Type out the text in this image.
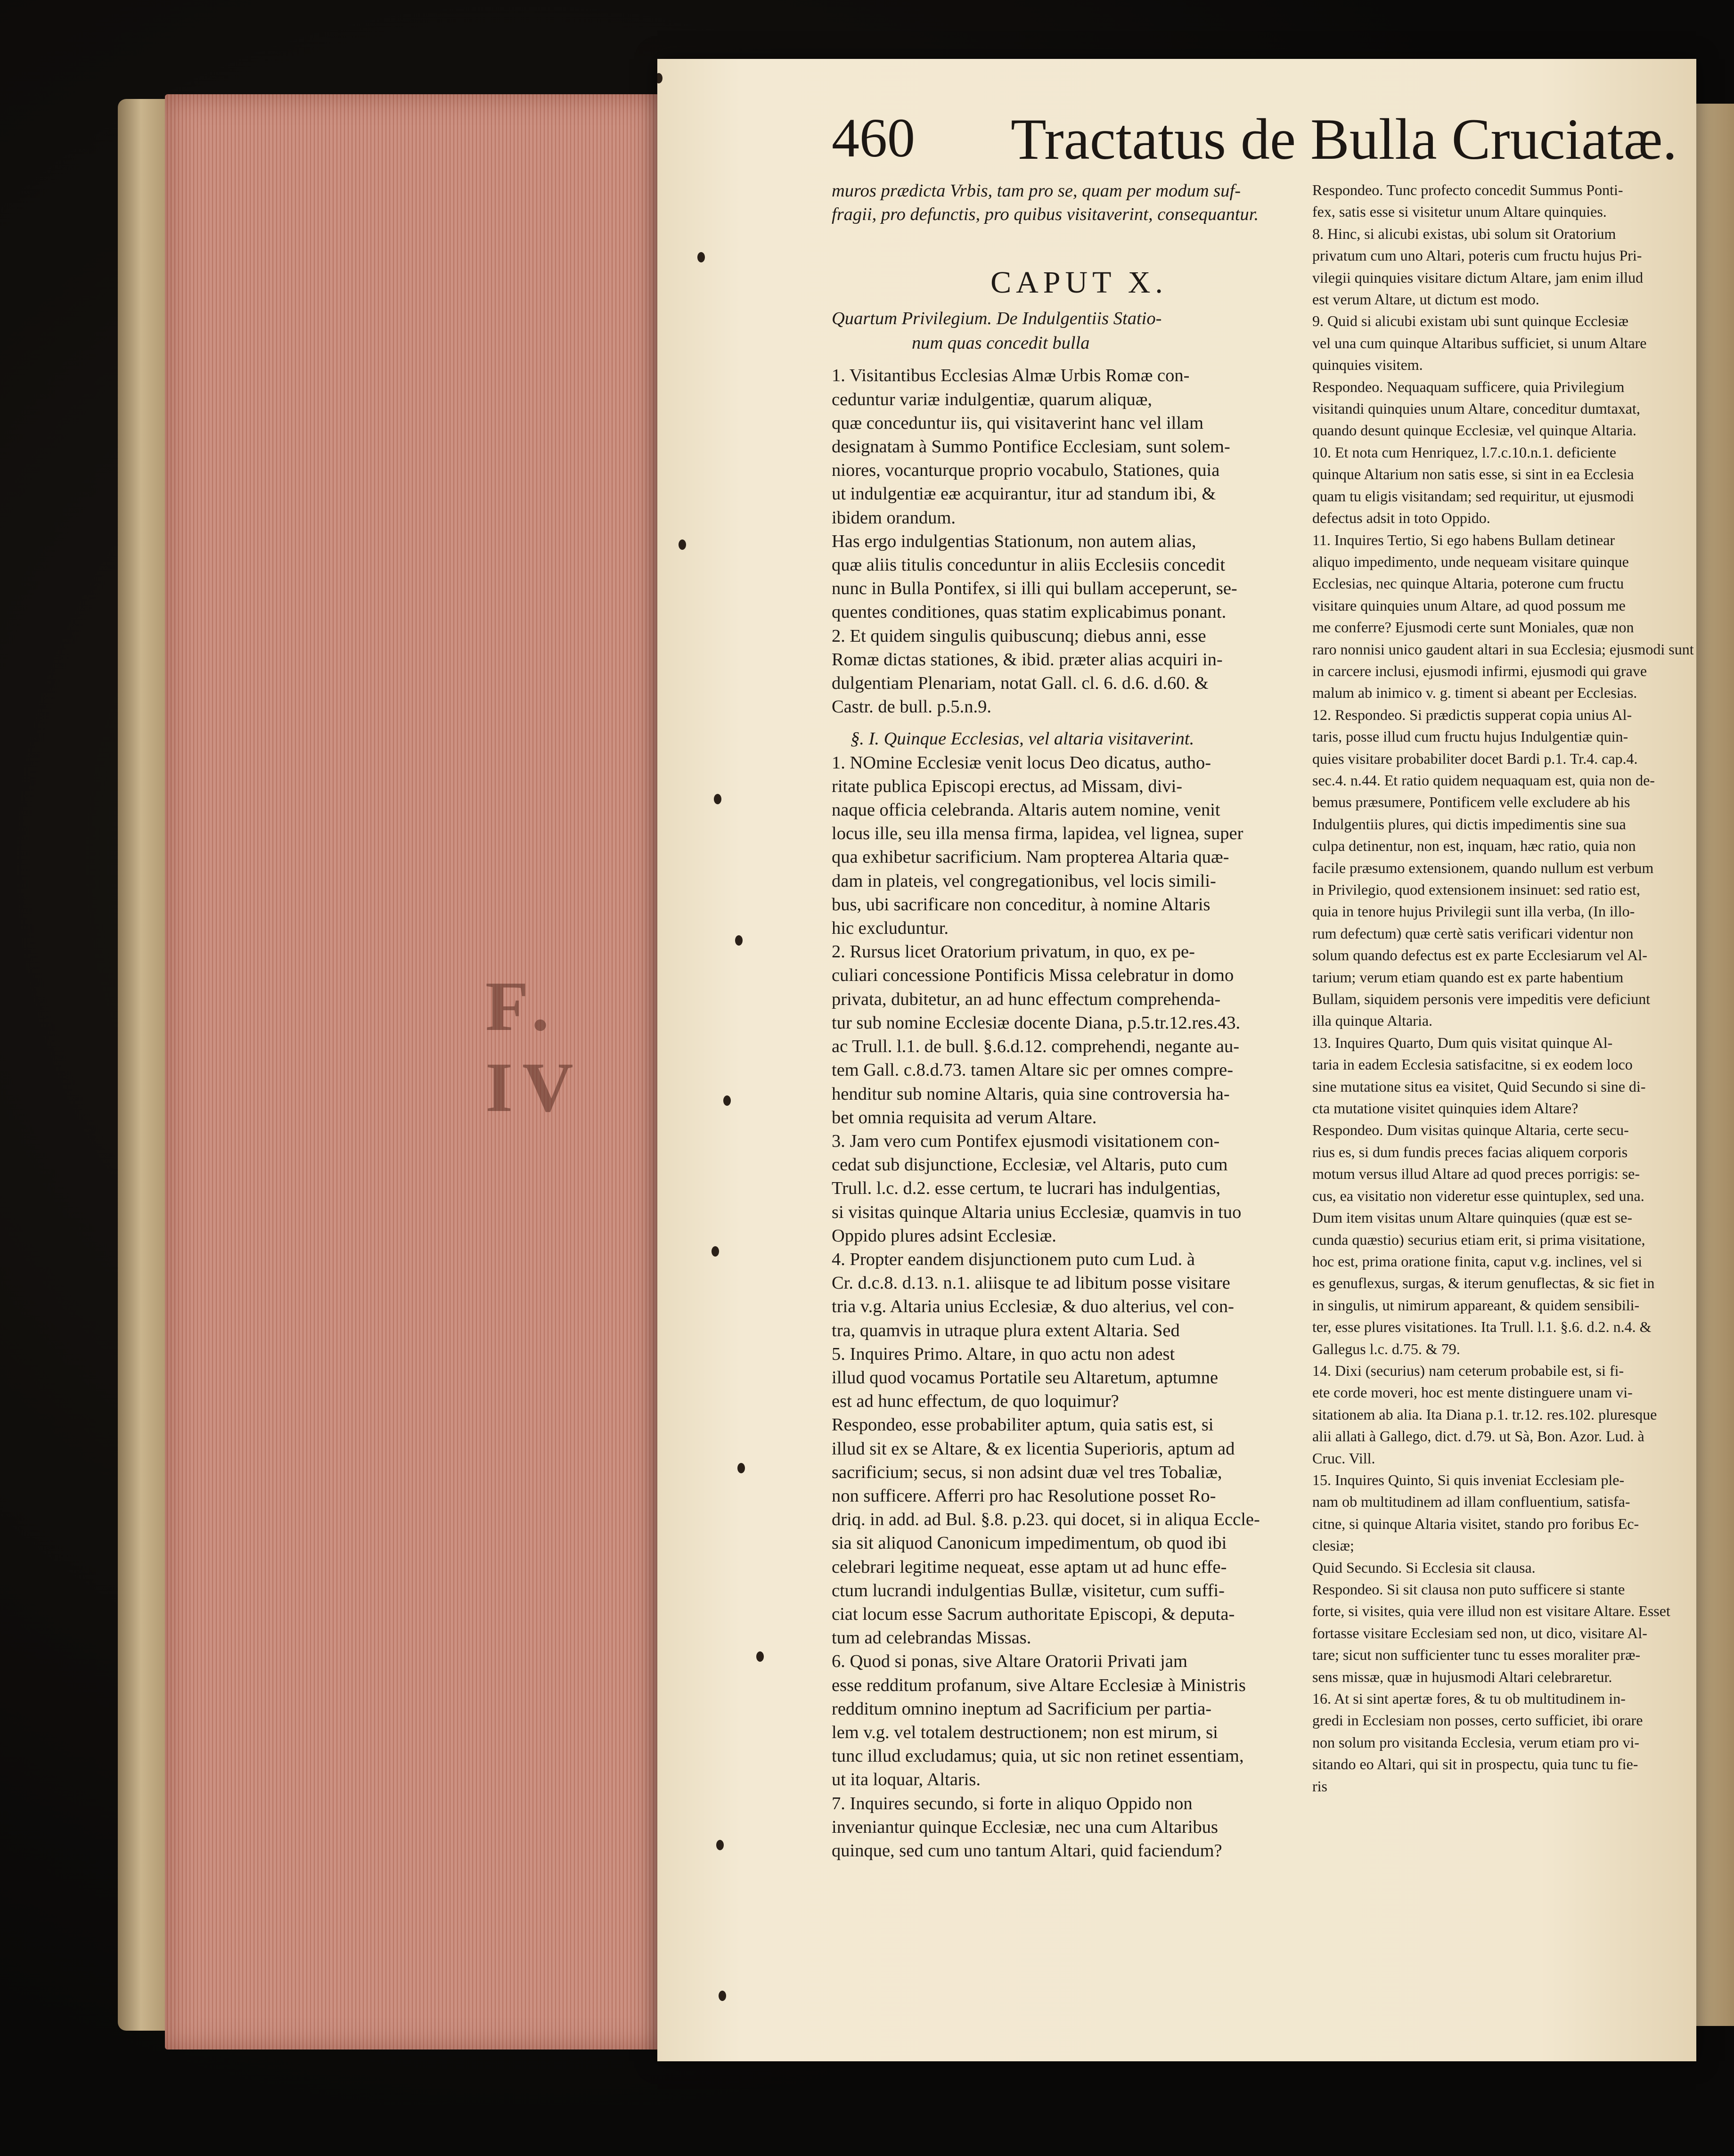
F. IV
460 Tractatus de Bulla Cruciatæ.
muros prædicta Vrbis, tam pro se, quam per modum suf-
fragii, pro defunctis, pro quibus visitaverint, consequantur.
CAPUT X.
Quartum Privilegium. De Indulgentiis Statio-
num quas concedit bulla
1. Visitantibus Ecclesias Almæ Urbis Romæ con-
ceduntur variæ indulgentiæ, quarum aliquæ,
quæ conceduntur iis, qui visitaverint hanc vel illam
designatam à Summo Pontifice Ecclesiam, sunt solem-
niores, vocanturque proprio vocabulo, Stationes, quia
ut indulgentiæ eæ acquirantur, itur ad standum ibi, &
ibidem orandum.
Has ergo indulgentias Stationum, non autem alias,
quæ aliis titulis conceduntur in aliis Ecclesiis concedit
nunc in Bulla Pontifex, si illi qui bullam acceperunt, se-
quentes conditiones, quas statim explicabimus ponant.
2. Et quidem singulis quibuscunq; diebus anni, esse
Romæ dictas stationes, & ibid. præter alias acquiri in-
dulgentiam Plenariam, notat Gall. cl. 6. d.6. d.60. &
Castr. de bull. p.5.n.9.
§. I. Quinque Ecclesias, vel altaria visitaverint.
1. NOmine Ecclesiæ venit locus Deo dicatus, autho-
ritate publica Episcopi erectus, ad Missam, divi-
naque officia celebranda. Altaris autem nomine, venit
locus ille, seu illa mensa firma, lapidea, vel lignea, super
qua exhibetur sacrificium. Nam propterea Altaria quæ-
dam in plateis, vel congregationibus, vel locis simili-
bus, ubi sacrificare non conceditur, à nomine Altaris
hic excluduntur.
2. Rursus licet Oratorium privatum, in quo, ex pe-
culiari concessione Pontificis Missa celebratur in domo
privata, dubitetur, an ad hunc effectum comprehenda-
tur sub nomine Ecclesiæ docente Diana, p.5.tr.12.res.43.
ac Trull. l.1. de bull. §.6.d.12. comprehendi, negante au-
tem Gall. c.8.d.73. tamen Altare sic per omnes compre-
henditur sub nomine Altaris, quia sine controversia ha-
bet omnia requisita ad verum Altare.
3. Jam vero cum Pontifex ejusmodi visitationem con-
cedat sub disjunctione, Ecclesiæ, vel Altaris, puto cum
Trull. l.c. d.2. esse certum, te lucrari has indulgentias,
si visitas quinque Altaria unius Ecclesiæ, quamvis in tuo
Oppido plures adsint Ecclesiæ.
4. Propter eandem disjunctionem puto cum Lud. à
Cr. d.c.8. d.13. n.1. aliisque te ad libitum posse visitare
tria v.g. Altaria unius Ecclesiæ, & duo alterius, vel con-
tra, quamvis in utraque plura extent Altaria. Sed
5. Inquires Primo. Altare, in quo actu non adest
illud quod vocamus Portatile seu Altaretum, aptumne
est ad hunc effectum, de quo loquimur?
Respondeo, esse probabiliter aptum, quia satis est, si
illud sit ex se Altare, & ex licentia Superioris, aptum ad
sacrificium; secus, si non adsint duæ vel tres Tobaliæ,
non sufficere. Afferri pro hac Resolutione posset Ro-
driq. in add. ad Bul. §.8. p.23. qui docet, si in aliqua Eccle-
sia sit aliquod Canonicum impedimentum, ob quod ibi
celebrari legitime nequeat, esse aptam ut ad hunc effe-
ctum lucrandi indulgentias Bullæ, visitetur, cum suffi-
ciat locum esse Sacrum authoritate Episcopi, & deputa-
tum ad celebrandas Missas.
6. Quod si ponas, sive Altare Oratorii Privati jam
esse redditum profanum, sive Altare Ecclesiæ à Ministris
redditum omnino ineptum ad Sacrificium per partia-
lem v.g. vel totalem destructionem; non est mirum, si
tunc illud excludamus; quia, ut sic non retinet essentiam,
ut ita loquar, Altaris.
7. Inquires secundo, si forte in aliquo Oppido non
inveniantur quinque Ecclesiæ, nec una cum Altaribus
quinque, sed cum uno tantum Altari, quid faciendum?
Respondeo. Tunc profecto concedit Summus Ponti-
fex, satis esse si visitetur unum Altare quinquies.
8. Hinc, si alicubi existas, ubi solum sit Oratorium
privatum cum uno Altari, poteris cum fructu hujus Pri-
vilegii quinquies visitare dictum Altare, jam enim illud
est verum Altare, ut dictum est modo.
9. Quid si alicubi existam ubi sunt quinque Ecclesiæ
vel una cum quinque Altaribus sufficiet, si unum Altare
quinquies visitem.
Respondeo. Nequaquam sufficere, quia Privilegium
visitandi quinquies unum Altare, conceditur dumtaxat,
quando desunt quinque Ecclesiæ, vel quinque Altaria.
10. Et nota cum Henriquez, l.7.c.10.n.1. deficiente
quinque Altarium non satis esse, si sint in ea Ecclesia
quam tu eligis visitandam; sed requiritur, ut ejusmodi
defectus adsit in toto Oppido.
11. Inquires Tertio, Si ego habens Bullam detinear
aliquo impedimento, unde nequeam visitare quinque
Ecclesias, nec quinque Altaria, poterone cum fructu
visitare quinquies unum Altare, ad quod possum me
me conferre? Ejusmodi certe sunt Moniales, quæ non
raro nonnisi unico gaudent altari in sua Ecclesia; ejusmodi sunt
in carcere inclusi, ejusmodi infirmi, ejusmodi qui grave
malum ab inimico v. g. timent si abeant per Ecclesias.
12. Respondeo. Si prædictis supperat copia unius Al-
taris, posse illud cum fructu hujus Indulgentiæ quin-
quies visitare probabiliter docet Bardi p.1. Tr.4. cap.4.
sec.4. n.44. Et ratio quidem nequaquam est, quia non de-
bemus præsumere, Pontificem velle excludere ab his
Indulgentiis plures, qui dictis impedimentis sine sua
culpa detinentur, non est, inquam, hæc ratio, quia non
facile præsumo extensionem, quando nullum est verbum
in Privilegio, quod extensionem insinuet: sed ratio est,
quia in tenore hujus Privilegii sunt illa verba, (In illo-
rum defectum) quæ certè satis verificari videntur non
solum quando defectus est ex parte Ecclesiarum vel Al-
tarium; verum etiam quando est ex parte habentium
Bullam, siquidem personis vere impeditis vere deficiunt
illa quinque Altaria.
13. Inquires Quarto, Dum quis visitat quinque Al-
taria in eadem Ecclesia satisfacitne, si ex eodem loco
sine mutatione situs ea visitet, Quid Secundo si sine di-
cta mutatione visitet quinquies idem Altare?
Respondeo. Dum visitas quinque Altaria, certe secu-
rius es, si dum fundis preces facias aliquem corporis
motum versus illud Altare ad quod preces porrigis: se-
cus, ea visitatio non videretur esse quintuplex, sed una.
Dum item visitas unum Altare quinquies (quæ est se-
cunda quæstio) securius etiam erit, si prima visitatione,
hoc est, prima oratione finita, caput v.g. inclines, vel si
es genuflexus, surgas, & iterum genuflectas, & sic fiet in
in singulis, ut nimirum appareant, & quidem sensibili-
ter, esse plures visitationes. Ita Trull. l.1. §.6. d.2. n.4. &
Gallegus l.c. d.75. & 79.
14. Dixi (securius) nam ceterum probabile est, si fi-
ete corde moveri, hoc est mente distinguere unam vi-
sitationem ab alia. Ita Diana p.1. tr.12. res.102. pluresque
alii allati à Gallego, dict. d.79. ut Sà, Bon. Azor. Lud. à
Cruc. Vill.
15. Inquires Quinto, Si quis inveniat Ecclesiam ple-
nam ob multitudinem ad illam confluentium, satisfa-
citne, si quinque Altaria visitet, stando pro foribus Ec-
clesiæ;
Quid Secundo. Si Ecclesia sit clausa.
Respondeo. Si sit clausa non puto sufficere si stante
forte, si visites, quia vere illud non est visitare Altare. Esset
fortasse visitare Ecclesiam sed non, ut dico, visitare Al-
tare; sicut non sufficienter tunc tu esses moraliter præ-
sens missæ, quæ in hujusmodi Altari celebraretur.
16. At si sint apertæ fores, & tu ob multitudinem in-
gredi in Ecclesiam non posses, certo sufficiet, ibi orare
non solum pro visitanda Ecclesia, verum etiam pro vi-
sitando eo Altari, qui sit in prospectu, quia tunc tu fie-
ris
